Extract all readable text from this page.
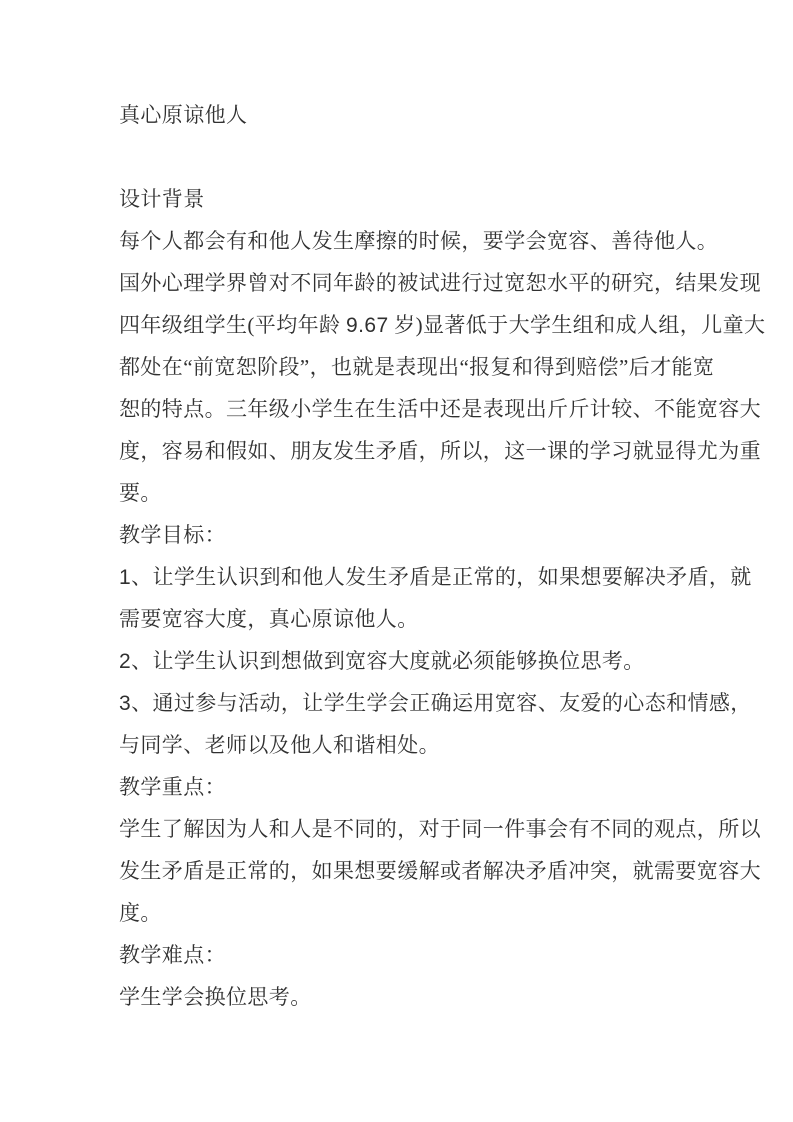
真心原谅他人
设计背景
每个人都会有和他人发生摩擦的时候，要学会宽容、善待他人。
国外心理学界曾对不同年龄的被试进行过宽恕水平的研究，结果发现
四年级组学生(平均年龄 9.67 岁)显著低于大学生组和成人组，儿童大
都处在“前宽恕阶段”，也就是表现出“报复和得到赔偿”后才能宽
恕的特点。三年级小学生在生活中还是表现出斤斤计较、不能宽容大
度，容易和假如、朋友发生矛盾，所以，这一课的学习就显得尤为重
要。
教学目标：
1、让学生认识到和他人发生矛盾是正常的，如果想要解决矛盾，就
需要宽容大度，真心原谅他人。
2、让学生认识到想做到宽容大度就必须能够换位思考。
3、通过参与活动，让学生学会正确运用宽容、友爱的心态和情感，
与同学、老师以及他人和谐相处。
教学重点：
学生了解因为人和人是不同的，对于同一件事会有不同的观点，所以
发生矛盾是正常的，如果想要缓解或者解决矛盾冲突，就需要宽容大
度。
教学难点：
学生学会换位思考。
